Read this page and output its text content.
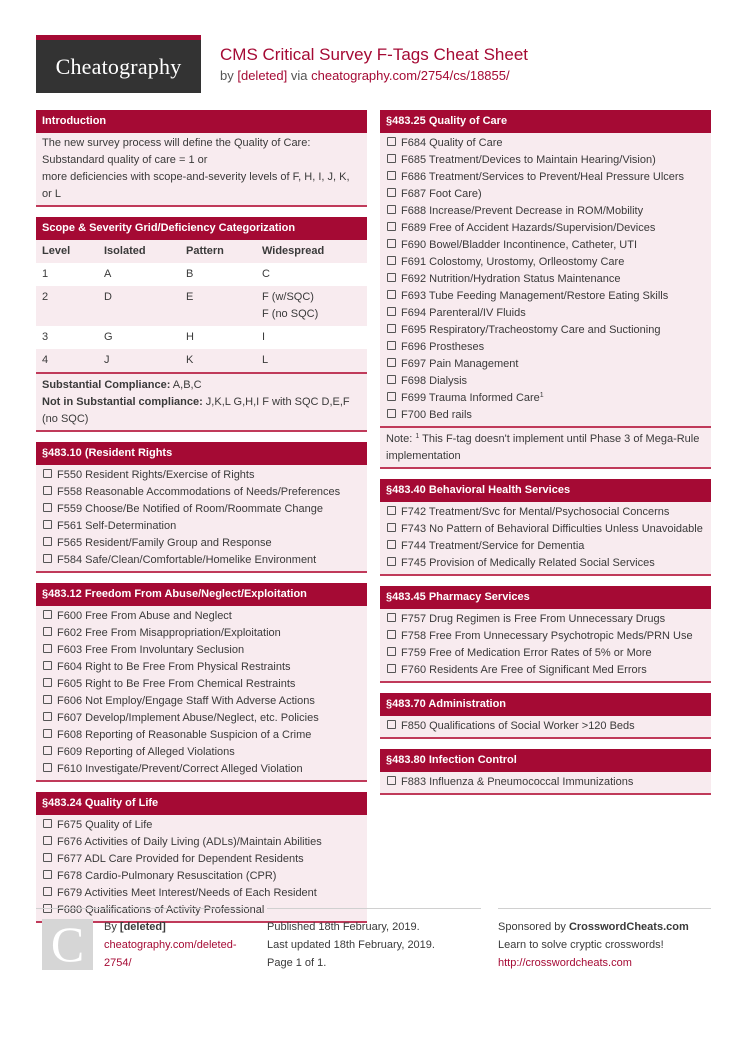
Cheatography CMS Critical Survey F-Tags Cheat Sheet
by [deleted] via cheatography.com/2754/cs/18855/
Introduction
The new survey process will define the Quality of Care:
Substandard quality of care = 1 or
more deficiencies with scope-and-severity levels of F, H, I, J, K, or L
Scope & Severity Grid/Deficiency Categorization
Level	Isolated	Pattern	Widespread
1	A	B	C
2	D	E	F (w/SQC)
F (no SQC)

3	G	H	I
4	J	K	L
Substantial Compliance: A,B,C
Not in Substantial compliance: J,K,L G,H,I F with SQC D,E,F (no SQC)
§483.10 (Resident Rights
F550 Resident Rights/Exercise of Rights
F558 Reasonable Accommodations of Needs/Preferences
F559 Choose/Be Notified of Room/Roommate Change
F561 Self-Determination
F565 Resident/Family Group and Response
F584 Safe/Clean/Comfortable/Homelike Environment
§483.12 Freedom From Abuse/Neglect/Exploitation
F600 Free From Abuse and Neglect
F602 Free From Misappropriation/Exploitation
F603 Free From Involuntary Seclusion
F604 Right to Be Free From Physical Restraints
F605 Right to Be Free From Chemical Restraints
F606 Not Employ/Engage Staff With Adverse Actions
F607 Develop/Implement Abuse/Neglect, etc. Policies
F608 Reporting of Reasonable Suspicion of a Crime
F609 Reporting of Alleged Violations
F610 Investigate/Prevent/Correct Alleged Violation
§483.24 Quality of Life
F675 Quality of Life
F676 Activities of Daily Living (ADLs)/Maintain Abilities
F677 ADL Care Provided for Dependent Residents
F678 Cardio-Pulmonary Resuscitation (CPR)
F679 Activities Meet Interest/Needs of Each Resident
F680 Qualifications of Activity Professional
§483.25 Quality of Care
F684 Quality of Care
F685 Treatment/Devices to Maintain Hearing/Vision)
F686 Treatment/Services to Prevent/Heal Pressure Ulcers
F687 Foot Care)
F688 Increase/Prevent Decrease in ROM/Mobility
F689 Free of Accident Hazards/Supervision/Devices
F690 Bowel/Bladder Incontinence, Catheter, UTI
F691 Colostomy, Urostomy, Orlleostomy Care
F692 Nutrition/Hydration Status Maintenance
F693 Tube Feeding Management/Restore Eating Skills
F694 Parenteral/IV Fluids
F695 Respiratory/Tracheostomy Care and Suctioning
F696 Prostheses
F697 Pain Management
F698 Dialysis
F699 Trauma Informed Care$^1$
F700 Bed rails
Note: $^1$ This F-tag doesn't implement until Phase 3 of Mega-Rule implementation
§483.40 Behavioral Health Services
F742 Treatment/Svc for Mental/Psychosocial Concerns
F743 No Pattern of Behavioral Difficulties Unless Unavoidable
F744 Treatment/Service for Dementia
F745 Provision of Medically Related Social Services
§483.45 Pharmacy Services
F757 Drug Regimen is Free From Unnecessary Drugs
F758 Free From Unnecessary Psychotropic Meds/PRN Use
F759 Free of Medication Error Rates of 5% or More
F760 Residents Are Free of Significant Med Errors
§483.70 Administration
F850 Qualifications of Social Worker >120 Beds
§483.80 Infection Control
F883 Influenza & Pneumococcal Immunizations
C By [deleted]
cheatography.com/deleted-
2754/
Published 18th February, 2019.
Last updated 18th February, 2019.
Page 1 of 1.
Sponsored by CrosswordCheats.com
Learn to solve cryptic crosswords!
http://crosswordcheats.com
